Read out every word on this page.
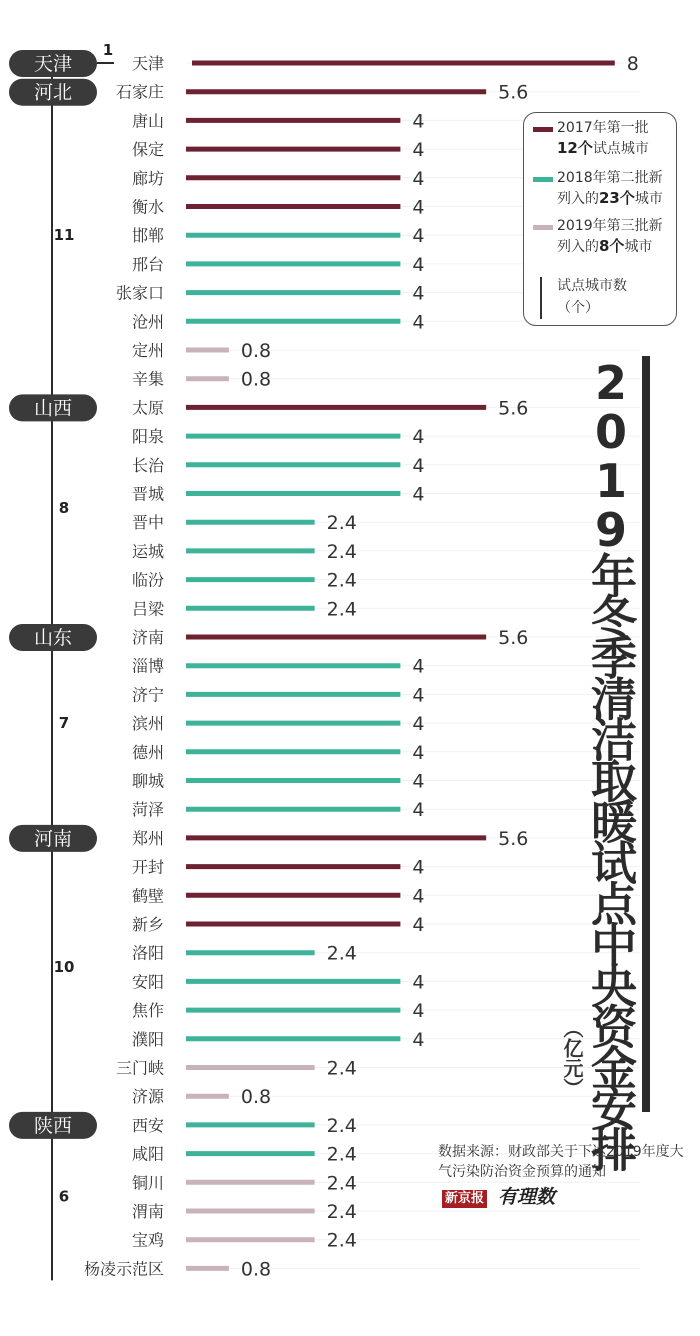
天津
1
河北
11
山西
8
山东
7
河南
10
陕西
6
天津	8
石家庄	5.6
唐山	4
保定	4
廊坊	4
衡水	4
邯郸	4
邢台	4
张家口	4
沧州	4
定州	0.8
辛集	0.8
太原	5.6
阳泉	4
长治	4
晋城	4
晋中	2.4
运城	2.4
临汾	2.4
吕梁	2.4
济南	5.6
淄博	4
济宁	4
滨州	4
德州	4
聊城	4
菏泽	4
郑州	5.6
开封	4
鹤壁	4
新乡	4
洛阳	2.4
安阳	4
焦作	4
濮阳	4
三门峡	2.4
济源	0.8
西安	2.4
咸阳	2.4
铜川	2.4
渭南	2.4
宝鸡	2.4
杨凌示范区	0.8
2017年第一批
12个试点城市
2018年第二批新
列入的23个城市
2019年第三批新
列入的8个城市
试点城市数
（个）
2019年冬季清洁取暖试点中央资金安排
（亿元）
数据来源：财政部关于下达2019年度大气污染防治资金预算的通知
新京报 有理数
